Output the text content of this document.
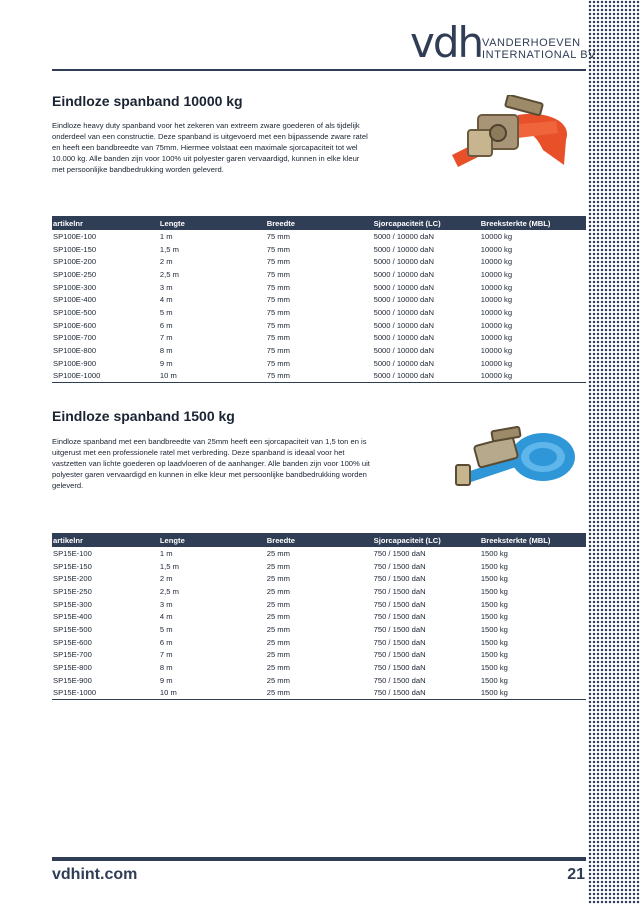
vdh VANDERHOEVEN
INTERNATIONAL BV
Eindloze spanband 10000 kg
Eindloze heavy duty spanband voor het zekeren van extreem zware goederen of als tijdelijk onderdeel van een constructie. Deze spanband is uitgevoerd met een bijpassende zware ratel en heeft een bandbreedte van 75mm. Hiermee volstaat een maximale sjorcapaciteit tot wel 10.000 kg. Alle banden zijn voor 100% uit polyester garen vervaardigd, kunnen in elke kleur met persoonlijke bandbedrukking worden geleverd.
artikelnr	Lengte	Breedte	Sjorcapaciteit (LC)	Breeksterkte (MBL)
SP100E-100	1 m	75 mm	5000 / 10000 daN	10000 kg
SP100E-150	1,5 m	75 mm	5000 / 10000 daN	10000 kg
SP100E-200	2 m	75 mm	5000 / 10000 daN	10000 kg
SP100E-250	2,5 m	75 mm	5000 / 10000 daN	10000 kg
SP100E-300	3 m	75 mm	5000 / 10000 daN	10000 kg
SP100E-400	4 m	75 mm	5000 / 10000 daN	10000 kg
SP100E-500	5 m	75 mm	5000 / 10000 daN	10000 kg
SP100E-600	6 m	75 mm	5000 / 10000 daN	10000 kg
SP100E-700	7 m	75 mm	5000 / 10000 daN	10000 kg
SP100E-800	8 m	75 mm	5000 / 10000 daN	10000 kg
SP100E-900	9 m	75 mm	5000 / 10000 daN	10000 kg
SP100E-1000	10 m	75 mm	5000 / 10000 daN	10000 kg
Eindloze spanband 1500 kg
Eindloze spanband met een bandbreedte van 25mm heeft een sjorcapaciteit van 1,5 ton en is uitgerust met een professionele ratel met verbreding. Deze spanband is ideaal voor het vastzetten van lichte goederen op laadvloeren of de aanhanger. Alle banden zijn voor 100% uit polyester garen vervaardigd en kunnen in elke kleur met persoonlijke bandbedrukking worden geleverd.
artikelnr	Lengte	Breedte	Sjorcapaciteit (LC)	Breeksterkte (MBL)
SP15E-100	1 m	25 mm	750 / 1500 daN	1500 kg
SP15E-150	1,5 m	25 mm	750 / 1500 daN	1500 kg
SP15E-200	2 m	25 mm	750 / 1500 daN	1500 kg
SP15E-250	2,5 m	25 mm	750 / 1500 daN	1500 kg
SP15E-300	3 m	25 mm	750 / 1500 daN	1500 kg
SP15E-400	4 m	25 mm	750 / 1500 daN	1500 kg
SP15E-500	5 m	25 mm	750 / 1500 daN	1500 kg
SP15E-600	6 m	25 mm	750 / 1500 daN	1500 kg
SP15E-700	7 m	25 mm	750 / 1500 daN	1500 kg
SP15E-800	8 m	25 mm	750 / 1500 daN	1500 kg
SP15E-900	9 m	25 mm	750 / 1500 daN	1500 kg
SP15E-1000	10 m	25 mm	750 / 1500 daN	1500 kg
vdhint.com	21
